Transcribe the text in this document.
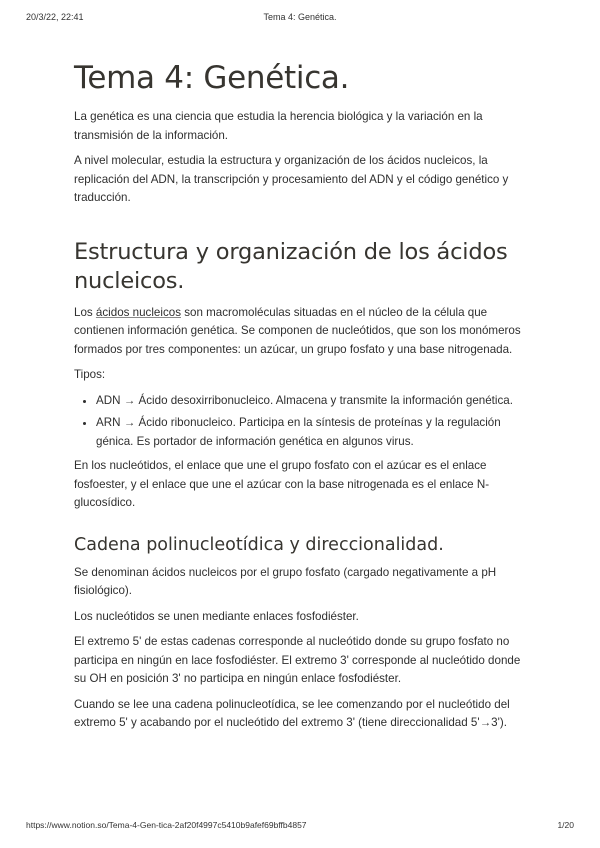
20/3/22, 22:41	Tema 4: Genética.
Tema 4: Genética.

La genética es una ciencia que estudia la herencia biológica y la variación en la transmisión de la información.

A nivel molecular, estudia la estructura y organización de los ácidos nucleicos, la replicación del ADN, la transcripción y procesamiento del ADN y el código genético y traducción.

Estructura y organización de los ácidos nucleicos.

Los ácidos nucleicos son macromoléculas situadas en el núcleo de la célula que contienen información genética. Se componen de nucleótidos, que son los monómeros formados por tres componentes: un azúcar, un grupo fosfato y una base nitrogenada.

Tipos:

• ADN → Ácido desoxirribonucleico. Almacena y transmite la información genética.
• ARN → Ácido ribonucleico. Participa en la síntesis de proteínas y la regulación génica. Es portador de información genética en algunos virus.

En los nucleótidos, el enlace que une el grupo fosfato con el azúcar es el enlace fosfoester, y el enlace que une el azúcar con la base nitrogenada es el enlace N-glucosídico.

Cadena polinucleotídica y direccionalidad.

Se denominan ácidos nucleicos por el grupo fosfato (cargado negativamente a pH fisiológico).

Los nucleótidos se unen mediante enlaces fosfodiéster.

El extremo 5' de estas cadenas corresponde al nucleótido donde su grupo fosfato no participa en ningún en lace fosfodiéster. El extremo 3' corresponde al nucleótido donde su OH en posición 3' no participa en ningún enlace fosfodiéster.

Cuando se lee una cadena polinucleotídica, se lee comenzando por el nucleótido del extremo 5' y acabando por el nucleótido del extremo 3' (tiene direccionalidad 5'→3').

https://www.notion.so/Tema-4-Gen-tica-2af20f4997c5410b9afef69bffb4857	1/20
